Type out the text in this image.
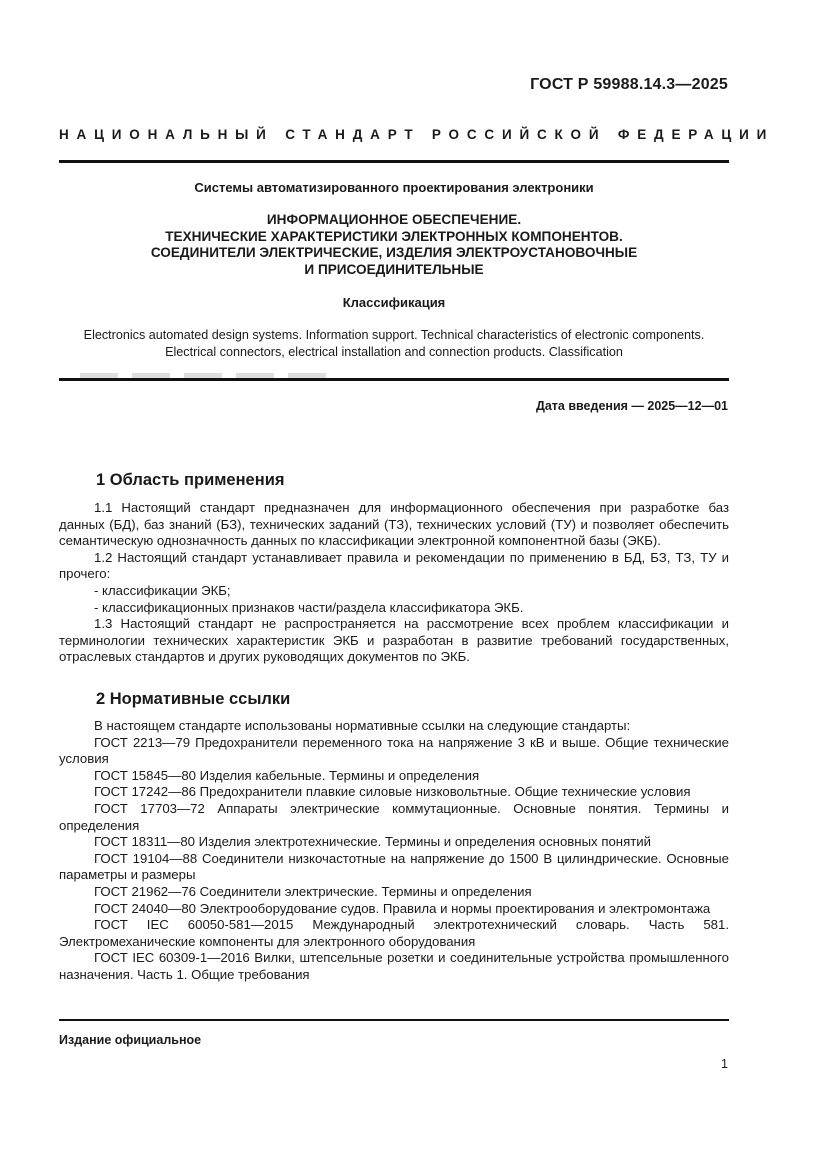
ГОСТ Р 59988.14.3—2025
НАЦИОНАЛЬНЫЙ СТАНДАРТ РОССИЙСКОЙ ФЕДЕРАЦИИ
Системы автоматизированного проектирования электроники
ИНФОРМАЦИОННОЕ ОБЕСПЕЧЕНИЕ.
ТЕХНИЧЕСКИЕ ХАРАКТЕРИСТИКИ ЭЛЕКТРОННЫХ КОМПОНЕНТОВ.
СОЕДИНИТЕЛИ ЭЛЕКТРИЧЕСКИЕ, ИЗДЕЛИЯ ЭЛЕКТРОУСТАНОВОЧНЫЕ
И ПРИСОЕДИНИТЕЛЬНЫЕ
Классификация
Electronics automated design systems. Information support. Technical characteristics of electronic components.
Electrical connectors, electrical installation and connection products. Classification
Дата введения — 2025—12—01
1 Область применения

1.1 Настоящий стандарт предназначен для информационного обеспечения при разработке баз данных (БД), баз знаний (БЗ), технических заданий (ТЗ), технических условий (ТУ) и позволяет обеспечить семантическую однозначность данных по классификации электронной компонентной базы (ЭКБ).

1.2 Настоящий стандарт устанавливает правила и рекомендации по применению в БД, БЗ, ТЗ, ТУ и прочего:

- классификации ЭКБ;

- классификационных признаков части/раздела классификатора ЭКБ.

1.3 Настоящий стандарт не распространяется на рассмотрение всех проблем классификации и терминологии технических характеристик ЭКБ и разработан в развитие требований государственных, отраслевых стандартов и других руководящих документов по ЭКБ.

2 Нормативные ссылки

В настоящем стандарте использованы нормативные ссылки на следующие стандарты:

ГОСТ 2213—79 Предохранители переменного тока на напряжение 3 кВ и выше. Общие технические условия

ГОСТ 15845—80 Изделия кабельные. Термины и определения

ГОСТ 17242—86 Предохранители плавкие силовые низковольтные. Общие технические условия

ГОСТ 17703—72 Аппараты электрические коммутационные. Основные понятия. Термины и определения

ГОСТ 18311—80 Изделия электротехнические. Термины и определения основных понятий

ГОСТ 19104—88 Соединители низкочастотные на напряжение до 1500 В цилиндрические. Основные параметры и размеры

ГОСТ 21962—76 Соединители электрические. Термины и определения

ГОСТ 24040—80 Электрооборудование судов. Правила и нормы проектирования и электромонтажа

ГОСТ IEC 60050-581—2015 Международный электротехнический словарь. Часть 581. Электромеханические компоненты для электронного оборудования

ГОСТ IEC 60309-1—2016 Вилки, штепсельные розетки и соединительные устройства промышленного назначения. Часть 1. Общие требования

Издание официальное
1
